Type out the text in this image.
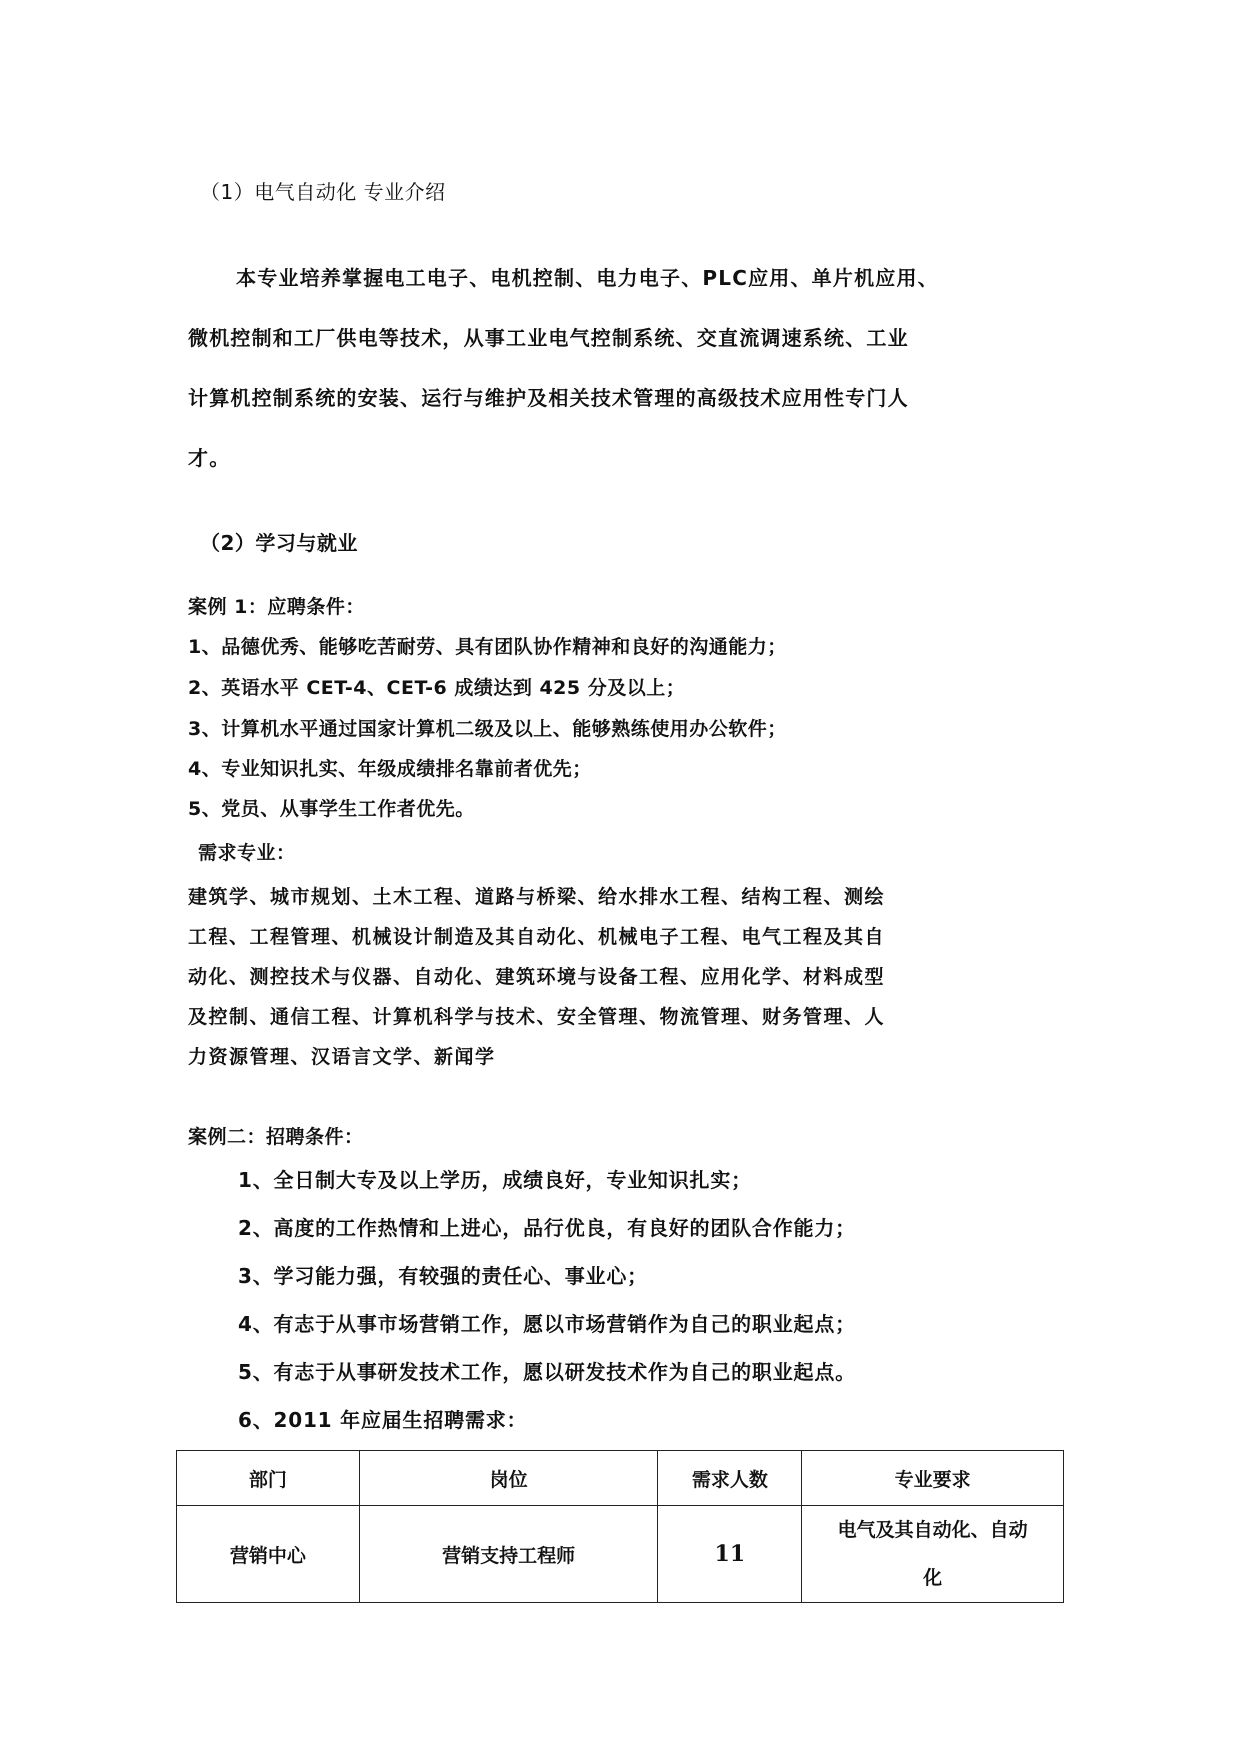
（1）电气自动化 专业介绍
本专业培养掌握电工电子、电机控制、电力电子、PLC应用、单片机应用、
微机控制和工厂供电等技术，从事工业电气控制系统、交直流调速系统、工业
计算机控制系统的安装、运行与维护及相关技术管理的高级技术应用性专门人
才。
（2）学习与就业
案例 1：应聘条件：
1、品德优秀、能够吃苦耐劳、具有团队协作精神和良好的沟通能力；
2、英语水平 CET-4、CET-6 成绩达到 425 分及以上；
3、计算机水平通过国家计算机二级及以上、能够熟练使用办公软件；
4、专业知识扎实、年级成绩排名靠前者优先；
5、党员、从事学生工作者优先。
需求专业：
建筑学、城市规划、土木工程、道路与桥梁、给水排水工程、结构工程、测绘
工程、工程管理、机械设计制造及其自动化、机械电子工程、电气工程及其自
动化、测控技术与仪器、自动化、建筑环境与设备工程、应用化学、材料成型
及控制、通信工程、计算机科学与技术、安全管理、物流管理、财务管理、人
力资源管理、汉语言文学、新闻学
案例二：招聘条件：
1、全日制大专及以上学历，成绩良好，专业知识扎实；
2、高度的工作热情和上进心，品行优良，有良好的团队合作能力；
3、学习能力强，有较强的责任心、事业心；
4、有志于从事市场营销工作，愿以市场营销作为自己的职业起点；
5、有志于从事研发技术工作，愿以研发技术作为自己的职业起点。
6、2011 年应届生招聘需求：
部门	岗位	需求人数	专业要求
营销中心	营销支持工程师	11	电气及其自动化、自动
化
